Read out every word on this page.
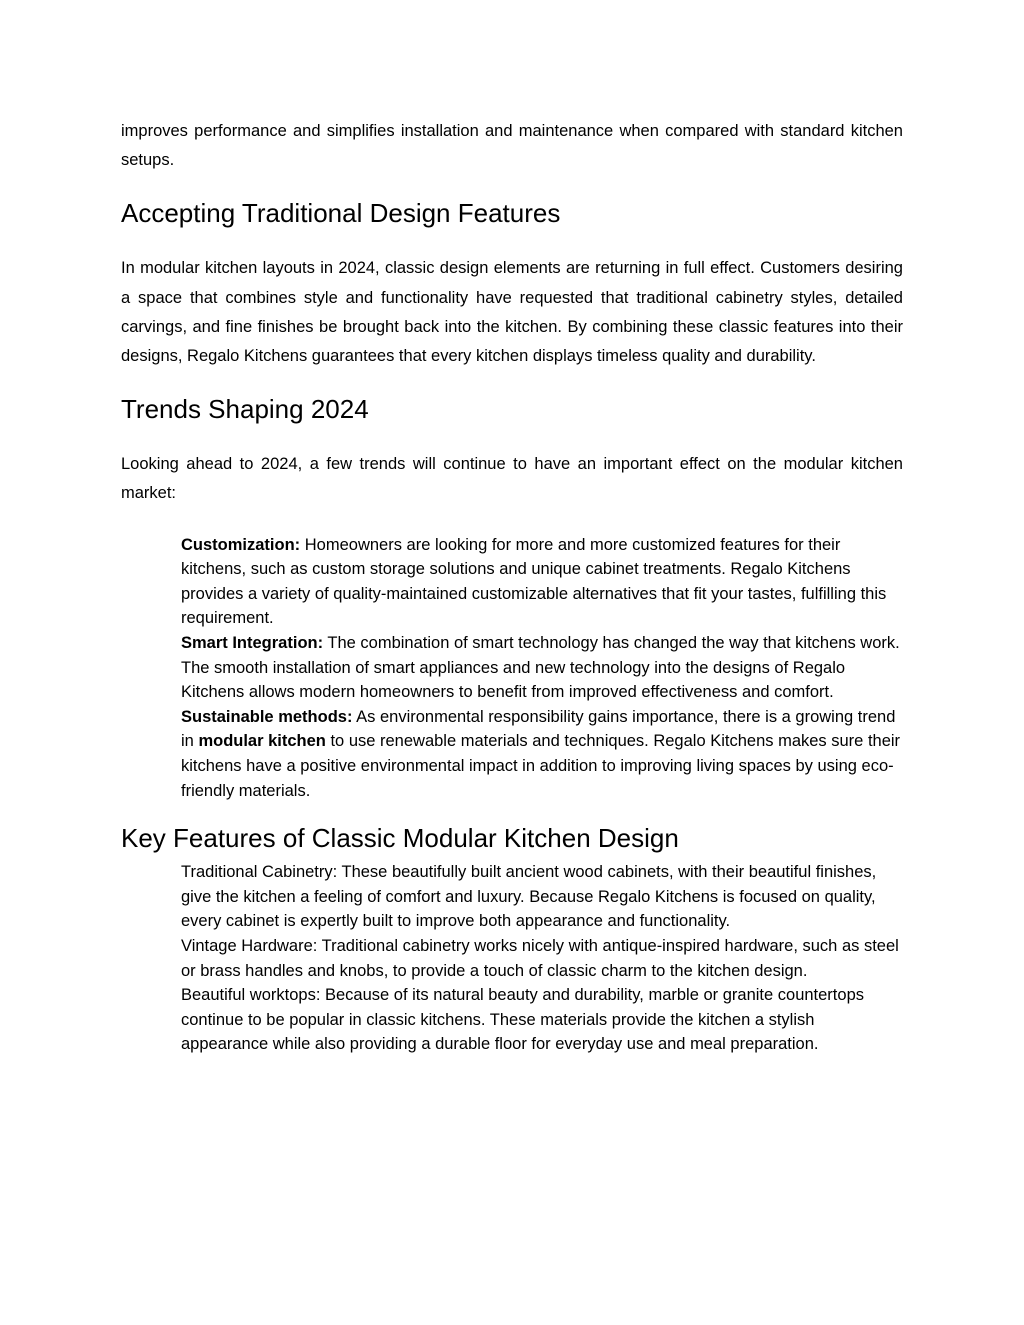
improves performance and simplifies installation and maintenance when compared with standard kitchen setups.

Accepting Traditional Design Features

In modular kitchen layouts in 2024, classic design elements are returning in full effect. Customers desiring a space that combines style and functionality have requested that traditional cabinetry styles, detailed carvings, and fine finishes be brought back into the kitchen. By combining these classic features into their designs, Regalo Kitchens guarantees that every kitchen displays timeless quality and durability.

Trends Shaping 2024

Looking ahead to 2024, a few trends will continue to have an important effect on the modular kitchen market:

Customization: Homeowners are looking for more and more customized features for their kitchens, such as custom storage solutions and unique cabinet treatments. Regalo Kitchens provides a variety of quality-maintained customizable alternatives that fit your tastes, fulfilling this requirement.
Smart Integration: The combination of smart technology has changed the way that kitchens work. The smooth installation of smart appliances and new technology into the designs of Regalo Kitchens allows modern homeowners to benefit from improved effectiveness and comfort.
Sustainable methods: As environmental responsibility gains importance, there is a growing trend in modular kitchen to use renewable materials and techniques. Regalo Kitchens makes sure their kitchens have a positive environmental impact in addition to improving living spaces by using eco-friendly materials.
Key Features of Classic Modular Kitchen Design
Traditional Cabinetry: These beautifully built ancient wood cabinets, with their beautiful finishes, give the kitchen a feeling of comfort and luxury. Because Regalo Kitchens is focused on quality, every cabinet is expertly built to improve both appearance and functionality.
Vintage Hardware: Traditional cabinetry works nicely with antique-inspired hardware, such as steel or brass handles and knobs, to provide a touch of classic charm to the kitchen design.
Beautiful worktops: Because of its natural beauty and durability, marble or granite countertops continue to be popular in classic kitchens. These materials provide the kitchen a stylish appearance while also providing a durable floor for everyday use and meal preparation.
